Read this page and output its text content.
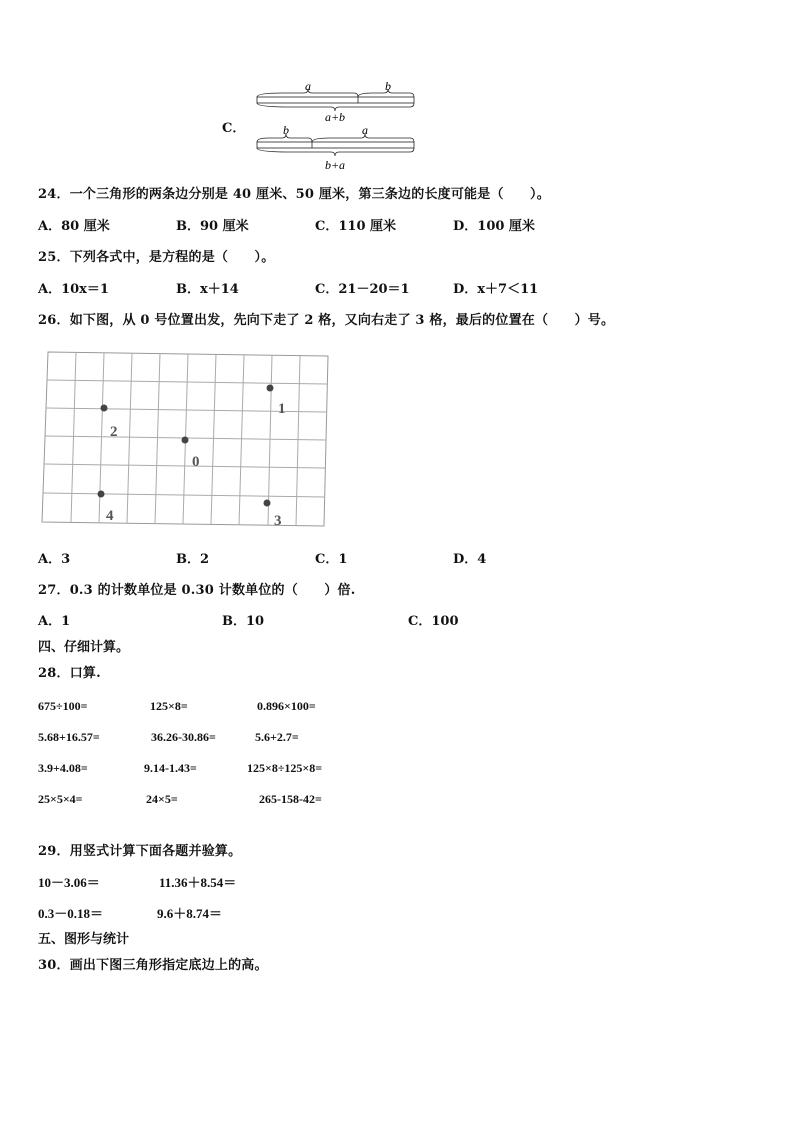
C．
a	b
a+b
b	a
b+a
24．一个三角形的两条边分别是 40 厘米、50 厘米，第三条边的长度可能是（　　）。
A．80 厘米	B．90 厘米	C．110 厘米	D．100 厘米
25．下列各式中，是方程的是（　　）。
A．10x＝1	B．x＋14	C．21－20＝1	D．x＋7＜11
26．如下图，从 0 号位置出发，先向下走了 2 格，又向右走了 3 格，最后的位置在（　　）号。
1
2
0
4	3
A．3	B．2	C．1	D．4
27．0.3 的计数单位是 0.30 计数单位的（　　）倍.
A．1	B．10	C．100
四、仔细计算。
28．口算.
675÷100=	125×8=	0.896×100=
5.68+16.57=	36.26-30.86=	5.6+2.7=
3.9+4.08=	9.14-1.43=	125×8÷125×8=
25×5×4=	24×5=	265-158-42=
29．用竖式计算下面各题并验算。
10－3.06＝	11.36＋8.54＝
0.3－0.18＝	9.6＋8.74＝
五、图形与统计
30．画出下图三角形指定底边上的高。
